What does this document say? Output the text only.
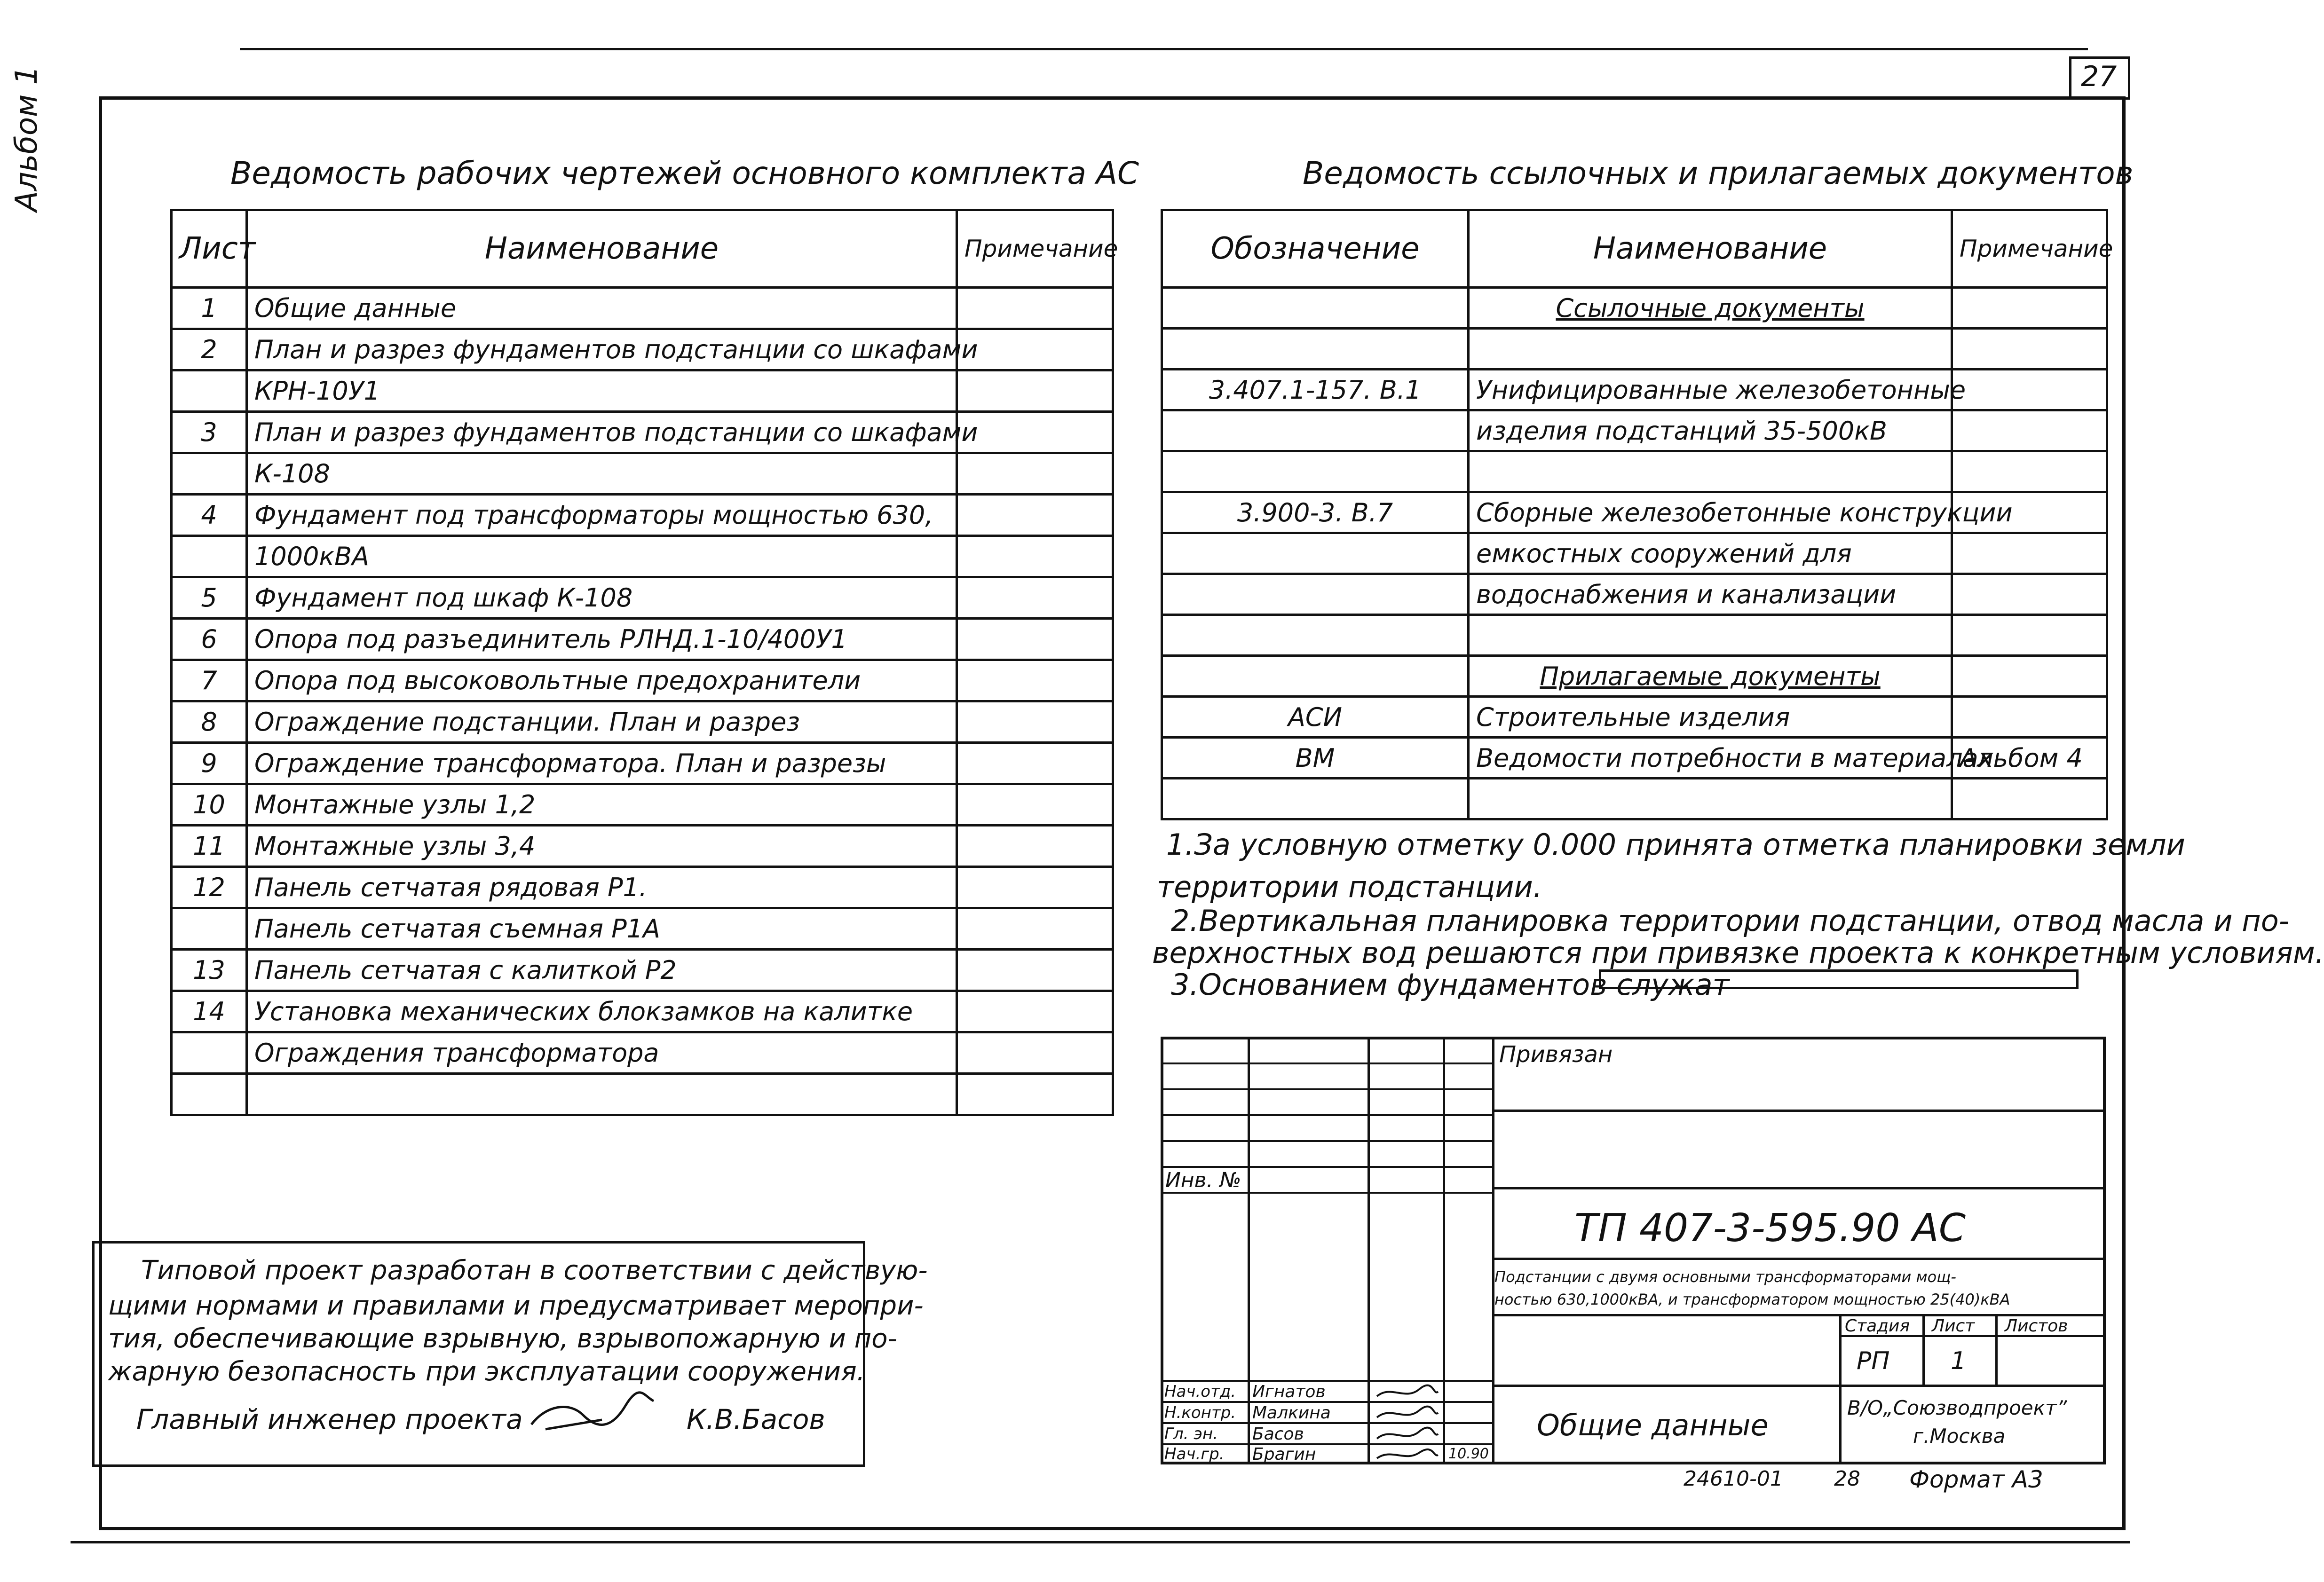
27
Альбом 1	Ведомость рабочих чертежей основного комплекта АС
Лист	Наименование	Примечание
1	Общие данные	
2	План и разрез фундаментов подстанции со шкафами	
	КРН-10У1	
3	План и разрез фундаментов подстанции со шкафами	
	К-108	
4	Фундамент под трансформаторы мощностью 630,	
	1000кВА	
5	Фундамент под шкаф К-108	
6	Опора под разъединитель РЛНД.1-10/400У1	
7	Опора под высоковольтные предохранители	
8	Ограждение подстанции. План и разрез	
9	Ограждение трансформатора. План и разрезы	
10	Монтажные узлы 1,2	
11	Монтажные узлы 3,4	
12	Панель сетчатая рядовая Р1.	
	Панель сетчатая съемная Р1А	
13	Панель сетчатая с калиткой Р2	
14	Установка механических блокзамков на калитке	
	Ограждения трансформатора	

Ведомость ссылочных и прилагаемых документов
Обозначение	Наименование	Примечание
	Ссылочные документы	

3.407.1-157. В.1	Унифицированные железобетонные	
	изделия подстанций 35-500кВ	

3.900-3. В.7	Сборные железобетонные конструкции	
	емкостных сооружений для	
	водоснабжения и канализации	

	Прилагаемые документы	
АСИ	Строительные изделия	
ВМ	Ведомости потребности в материалах	Альбом 4

1.За условную отметку 0.000 принята отметка планировки земли
территории подстанции.
2.Вертикальная планировка территории подстанции, отвод масла и по-
верхностных вод решаются при привязке проекта к конкретным условиям.
3.Основанием фундаментов служат
Типовой проект разработан в соответствии с действую-
щими нормами и правилами и предусматривает меропри-
тия, обеспечивающие взрывную, взрывопожарную и по-
жарную безопасность при эксплуатации сооружения.
Главный инженер проекта	К.В.Басов
Привязан
Инв. №
ТП 407-3-595.90 АС
Подстанции с двумя основными трансформаторами мощ-
ностью 630,1000кВА, и трансформатором мощностью 25(40)кВА
Стадия Лист Листов
РП 1
Общие данные
В/О„Союзводпроект”
г.Москва
10.90
Нач.отд. Игнатов
Н.контр. Малкина
Гл. эн. Басов
Нач.гр. Брагин
24610-01 28 Формат А3
